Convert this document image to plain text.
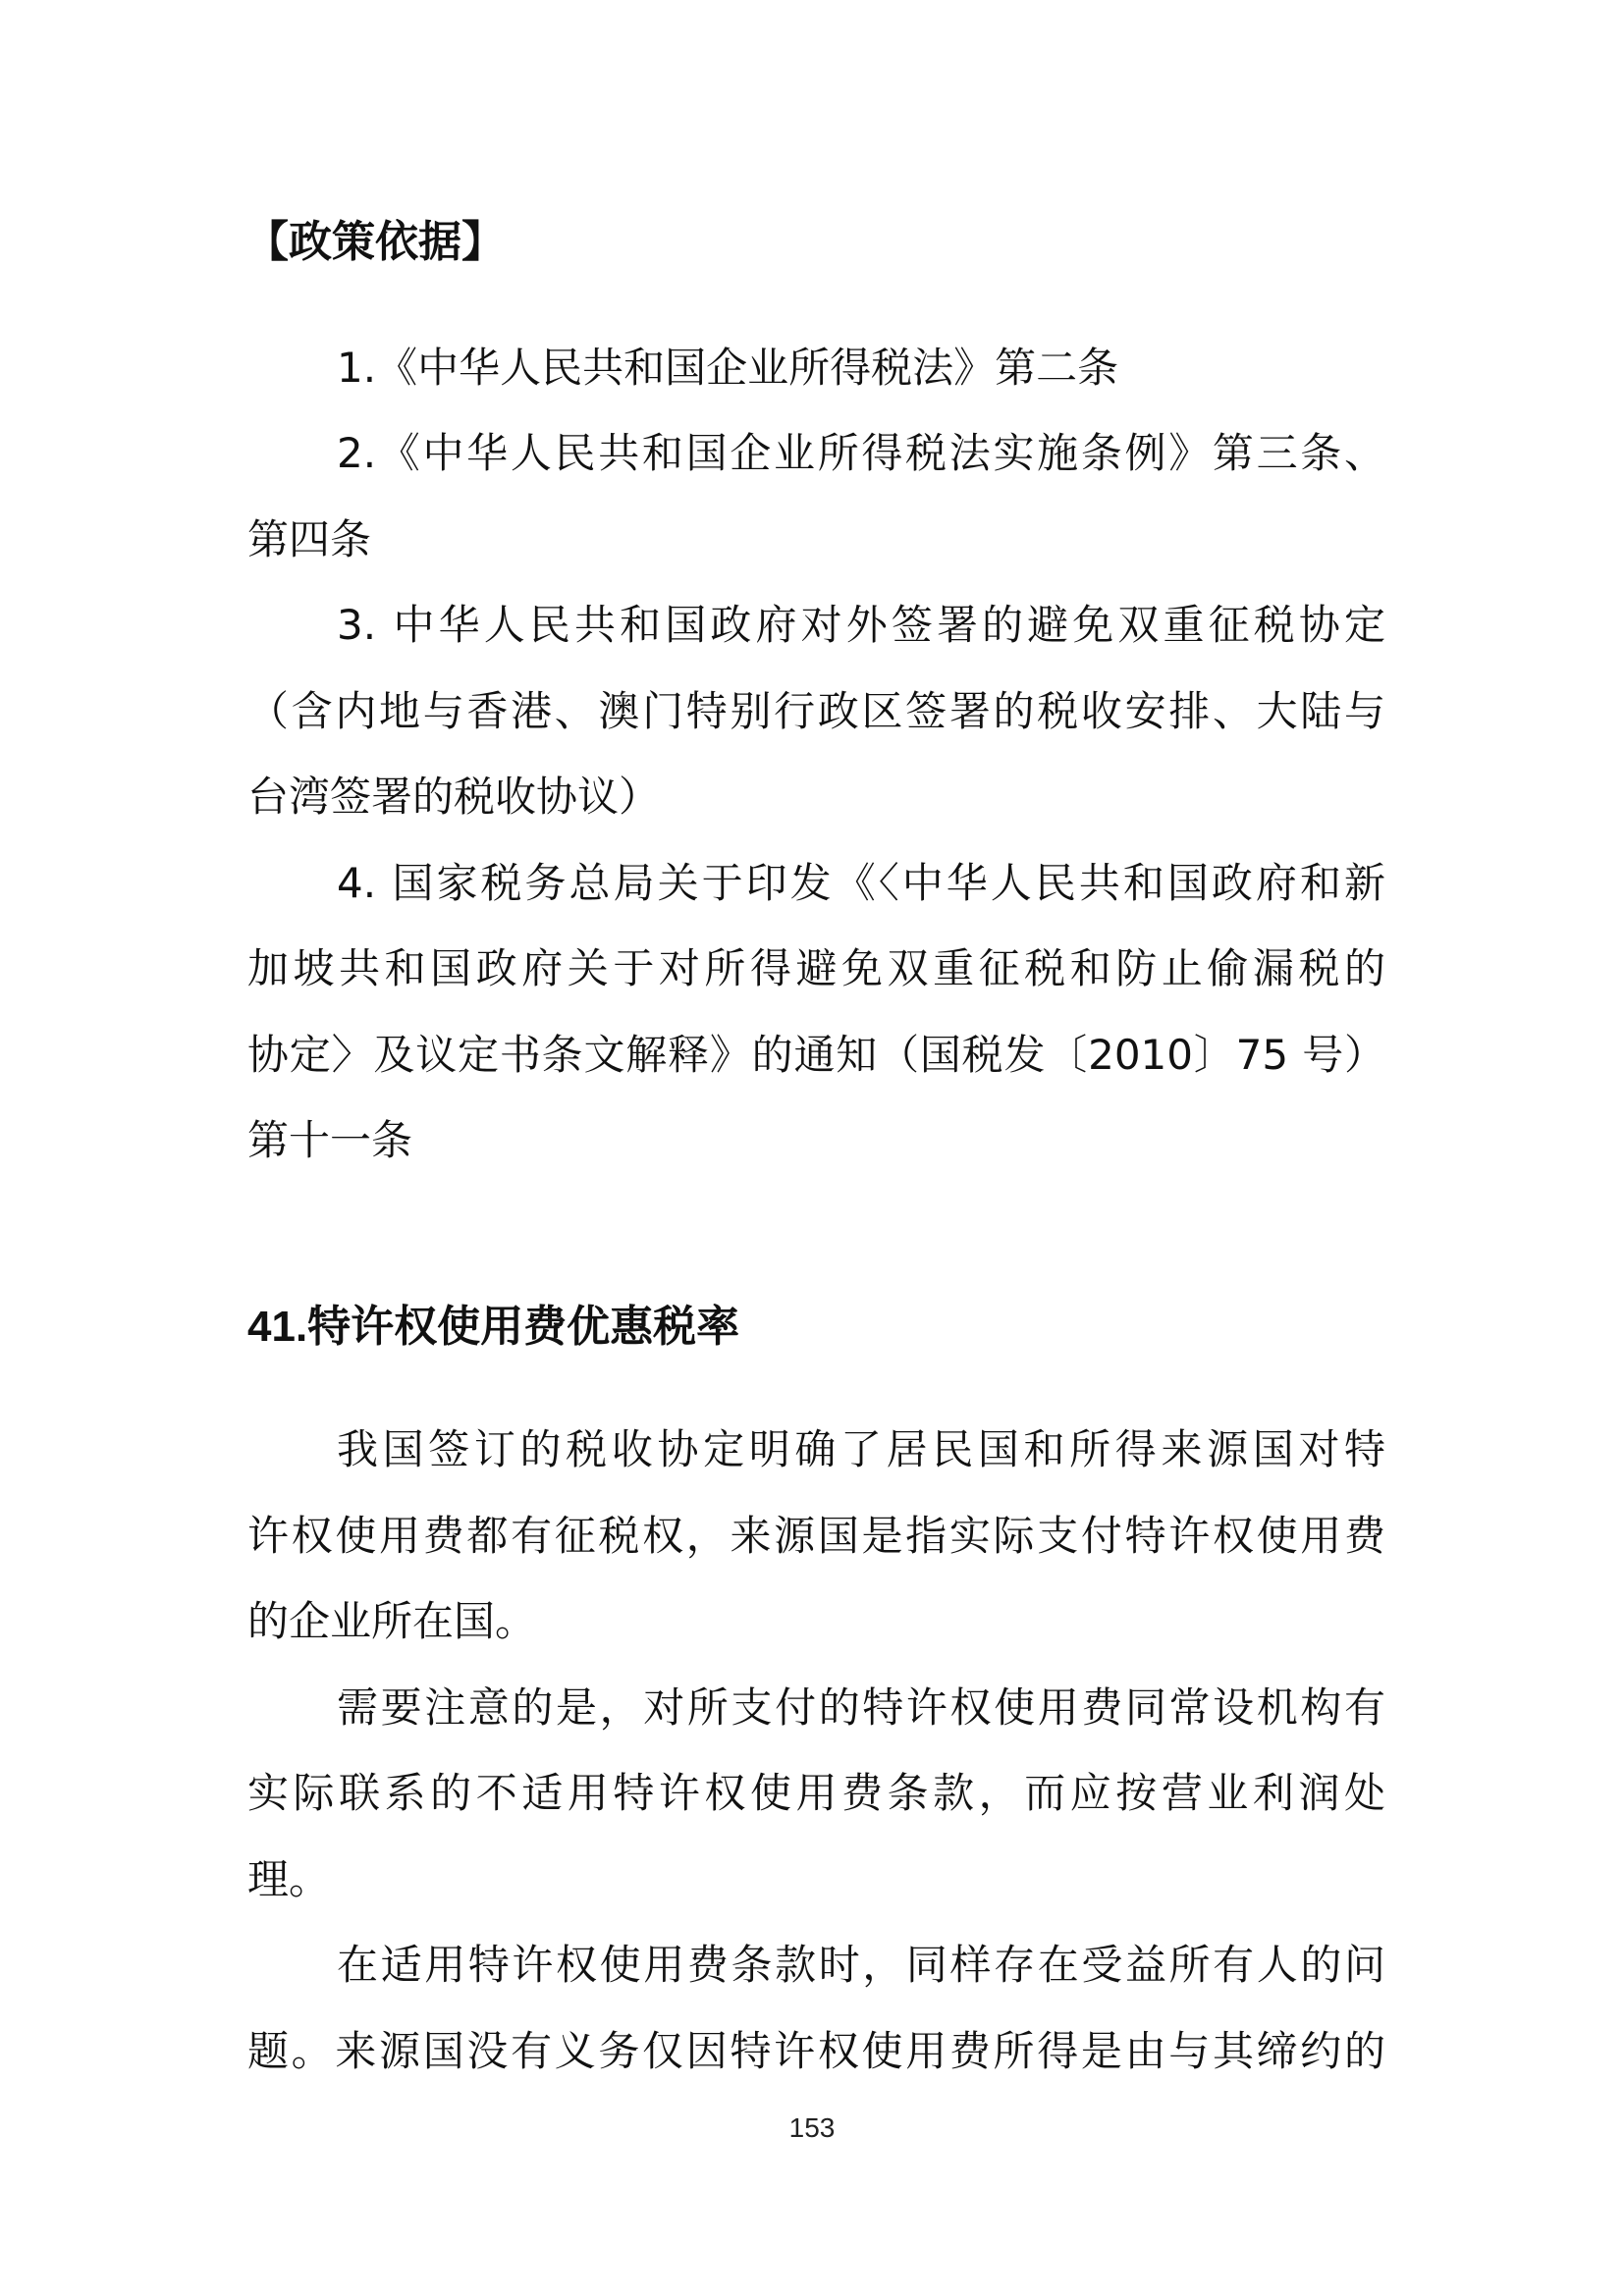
【政策依据】
1.《中华人民共和国企业所得税法》第二条
2.《中华人民共和国企业所得税法实施条例》第三条、
第四条
3. 中华人民共和国政府对外签署的避免双重征税协定
（含内地与香港、澳门特别行政区签署的税收安排、大陆与
台湾签署的税收协议）
4. 国家税务总局关于印发《〈中华人民共和国政府和新
加坡共和国政府关于对所得避免双重征税和防止偷漏税的
协定〉及议定书条文解释》的通知（国税发〔2010〕75 号）
第十一条
41.特许权使用费优惠税率
我国签订的税收协定明确了居民国和所得来源国对特
许权使用费都有征税权，来源国是指实际支付特许权使用费
的企业所在国。
需要注意的是，对所支付的特许权使用费同常设机构有
实际联系的不适用特许权使用费条款，而应按营业利润处
理。
在适用特许权使用费条款时，同样存在受益所有人的问
题。来源国没有义务仅因特许权使用费所得是由与其缔约的
153
